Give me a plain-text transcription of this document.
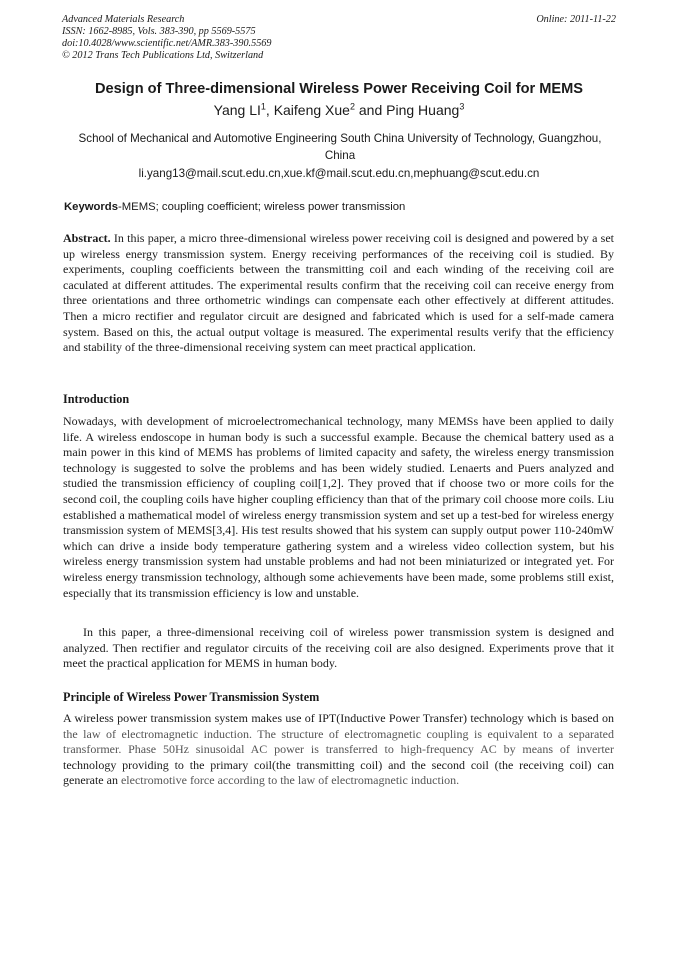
Advanced Materials Research
ISSN: 1662-8985, Vols. 383-390, pp 5569-5575
doi:10.4028/www.scientific.net/AMR.383-390.5569
© 2012 Trans Tech Publications Ltd, Switzerland
Online: 2011-11-22
Design of Three-dimensional Wireless Power Receiving Coil for MEMS
Yang $LI^1$, Kaifeng Xue$^2$ and Ping Huang$^3$
School of Mechanical and Automotive Engineering South China University of Technology, Guangzhou, China
li.yang13@mail.scut.edu.cn,xue.kf@mail.scut.edu.cn,mephuang@scut.edu.cn
Keywords-MEMS; coupling coefficient; wireless power transmission

Abstract. In this paper, a micro three-dimensional wireless power receiving coil is designed and powered by a set up wireless energy transmission system. Energy receiving performances of the receiving coil is studied. By experiments, coupling coefficients between the transmitting coil and each winding of the receiving coil are caculated at different attitudes. The experimental results confirm that the receiving coil can receive energy from three orientations and three orthometric windings can compensate each other effectively at different attitudes. Then a micro rectifier and regulator circuit are designed and fabricated which is used for a self-made camera system. Based on this, the actual output voltage is measured. The experimental results verify that the efficiency and stability of the three-dimensional receiving system can meet practical application.

Introduction

Nowadays, with development of microelectromechanical technology, many MEMSs have been applied to daily life. A wireless endoscope in human body is such a successful example. Because the chemical battery used as a main power in this kind of MEMS has problems of limited capacity and safety, the wireless energy transmission technology is suggested to solve the problems and has been widely studied. Lenaerts and Puers analyzed and studied the transmission efficiency of coupling coil[1,2]. They proved that if choose two or more coils for the second coil, the coupling coils have higher coupling efficiency than that of the primary coil choose more coils. Liu established a mathematical model of wireless energy transmission system and set up a test-bed for wireless energy transmission system of MEMS[3,4]. His test results showed that his system can supply output power 110-240mW which can drive a inside body temperature gathering system and a wireless video collection system, but his wireless energy transmission system had unstable problems and had not been miniaturized or integrated yet. For wireless energy transmission technology, although some achievements have been made, some problems still exist, especially that its transmission efficiency is low and unstable.

In this paper, a three-dimensional receiving coil of wireless power transmission system is designed and analyzed. Then rectifier and regulator circuits of the receiving coil are also designed. Experiments prove that it meet the practical application for MEMS in human body.

Principle of Wireless Power Transmission System

A wireless power transmission system makes use of IPT(Inductive Power Transfer) technology which is based on the law of electromagnetic induction. The structure of electromagnetic coupling is equivalent to a separated transformer. Phase 50Hz sinusoidal AC power is transferred to high-frequency AC by means of inverter technology providing to the primary coil(the transmitting coil) and the second coil (the receiving coil) can generate an electromotive force according to the law of electromagnetic induction.
